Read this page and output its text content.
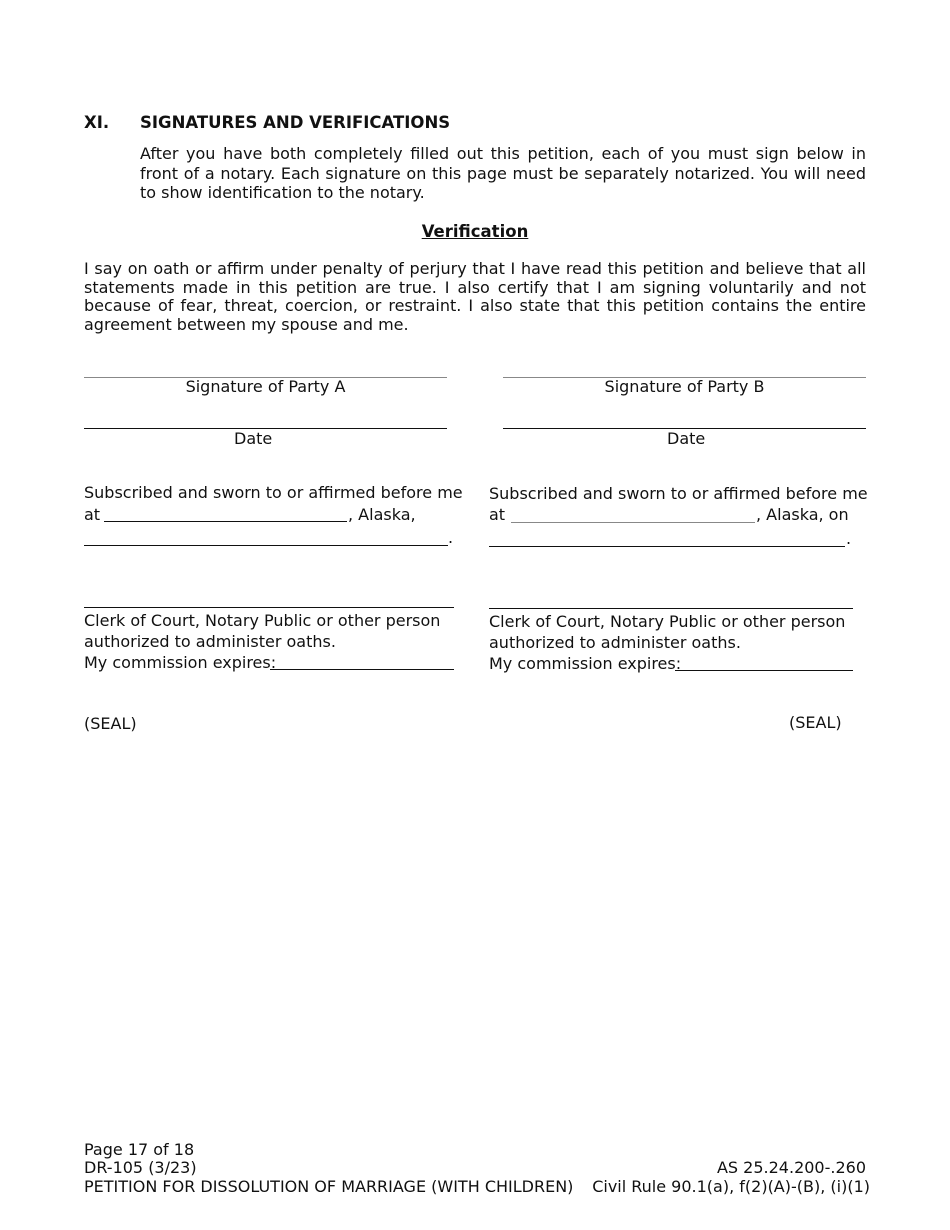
XI. SIGNATURES AND VERIFICATIONS
After you have both completely filled out this petition, each of you must sign below in front of a notary. Each signature on this page must be separately notarized. You will need to show identification to the notary.
Verification
I say on oath or affirm under penalty of perjury that I have read this petition and believe that all statements made in this petition are true. I also certify that I am signing voluntarily and not because of fear, threat, coercion, or restraint. I also state that this petition contains the entire agreement between my spouse and me.
Signature of Party A	Signature of Party B
Date	Date
Subscribed and sworn to or affirmed before me
at	, Alaska,
.
Subscribed and sworn to or affirmed before me
at	, Alaska, on
.
Clerk of Court, Notary Public or other person
authorized to administer oaths.
My commission expires:
Clerk of Court, Notary Public or other person
authorized to administer oaths.
My commission expires:
(SEAL)	(SEAL)
Page 17 of 18
DR-105 (3/23)
PETITION FOR DISSOLUTION OF MARRIAGE (WITH CHILDREN)
AS 25.24.200-.260
Civil Rule 90.1(a), f(2)(A)-(B), (i)(1)
